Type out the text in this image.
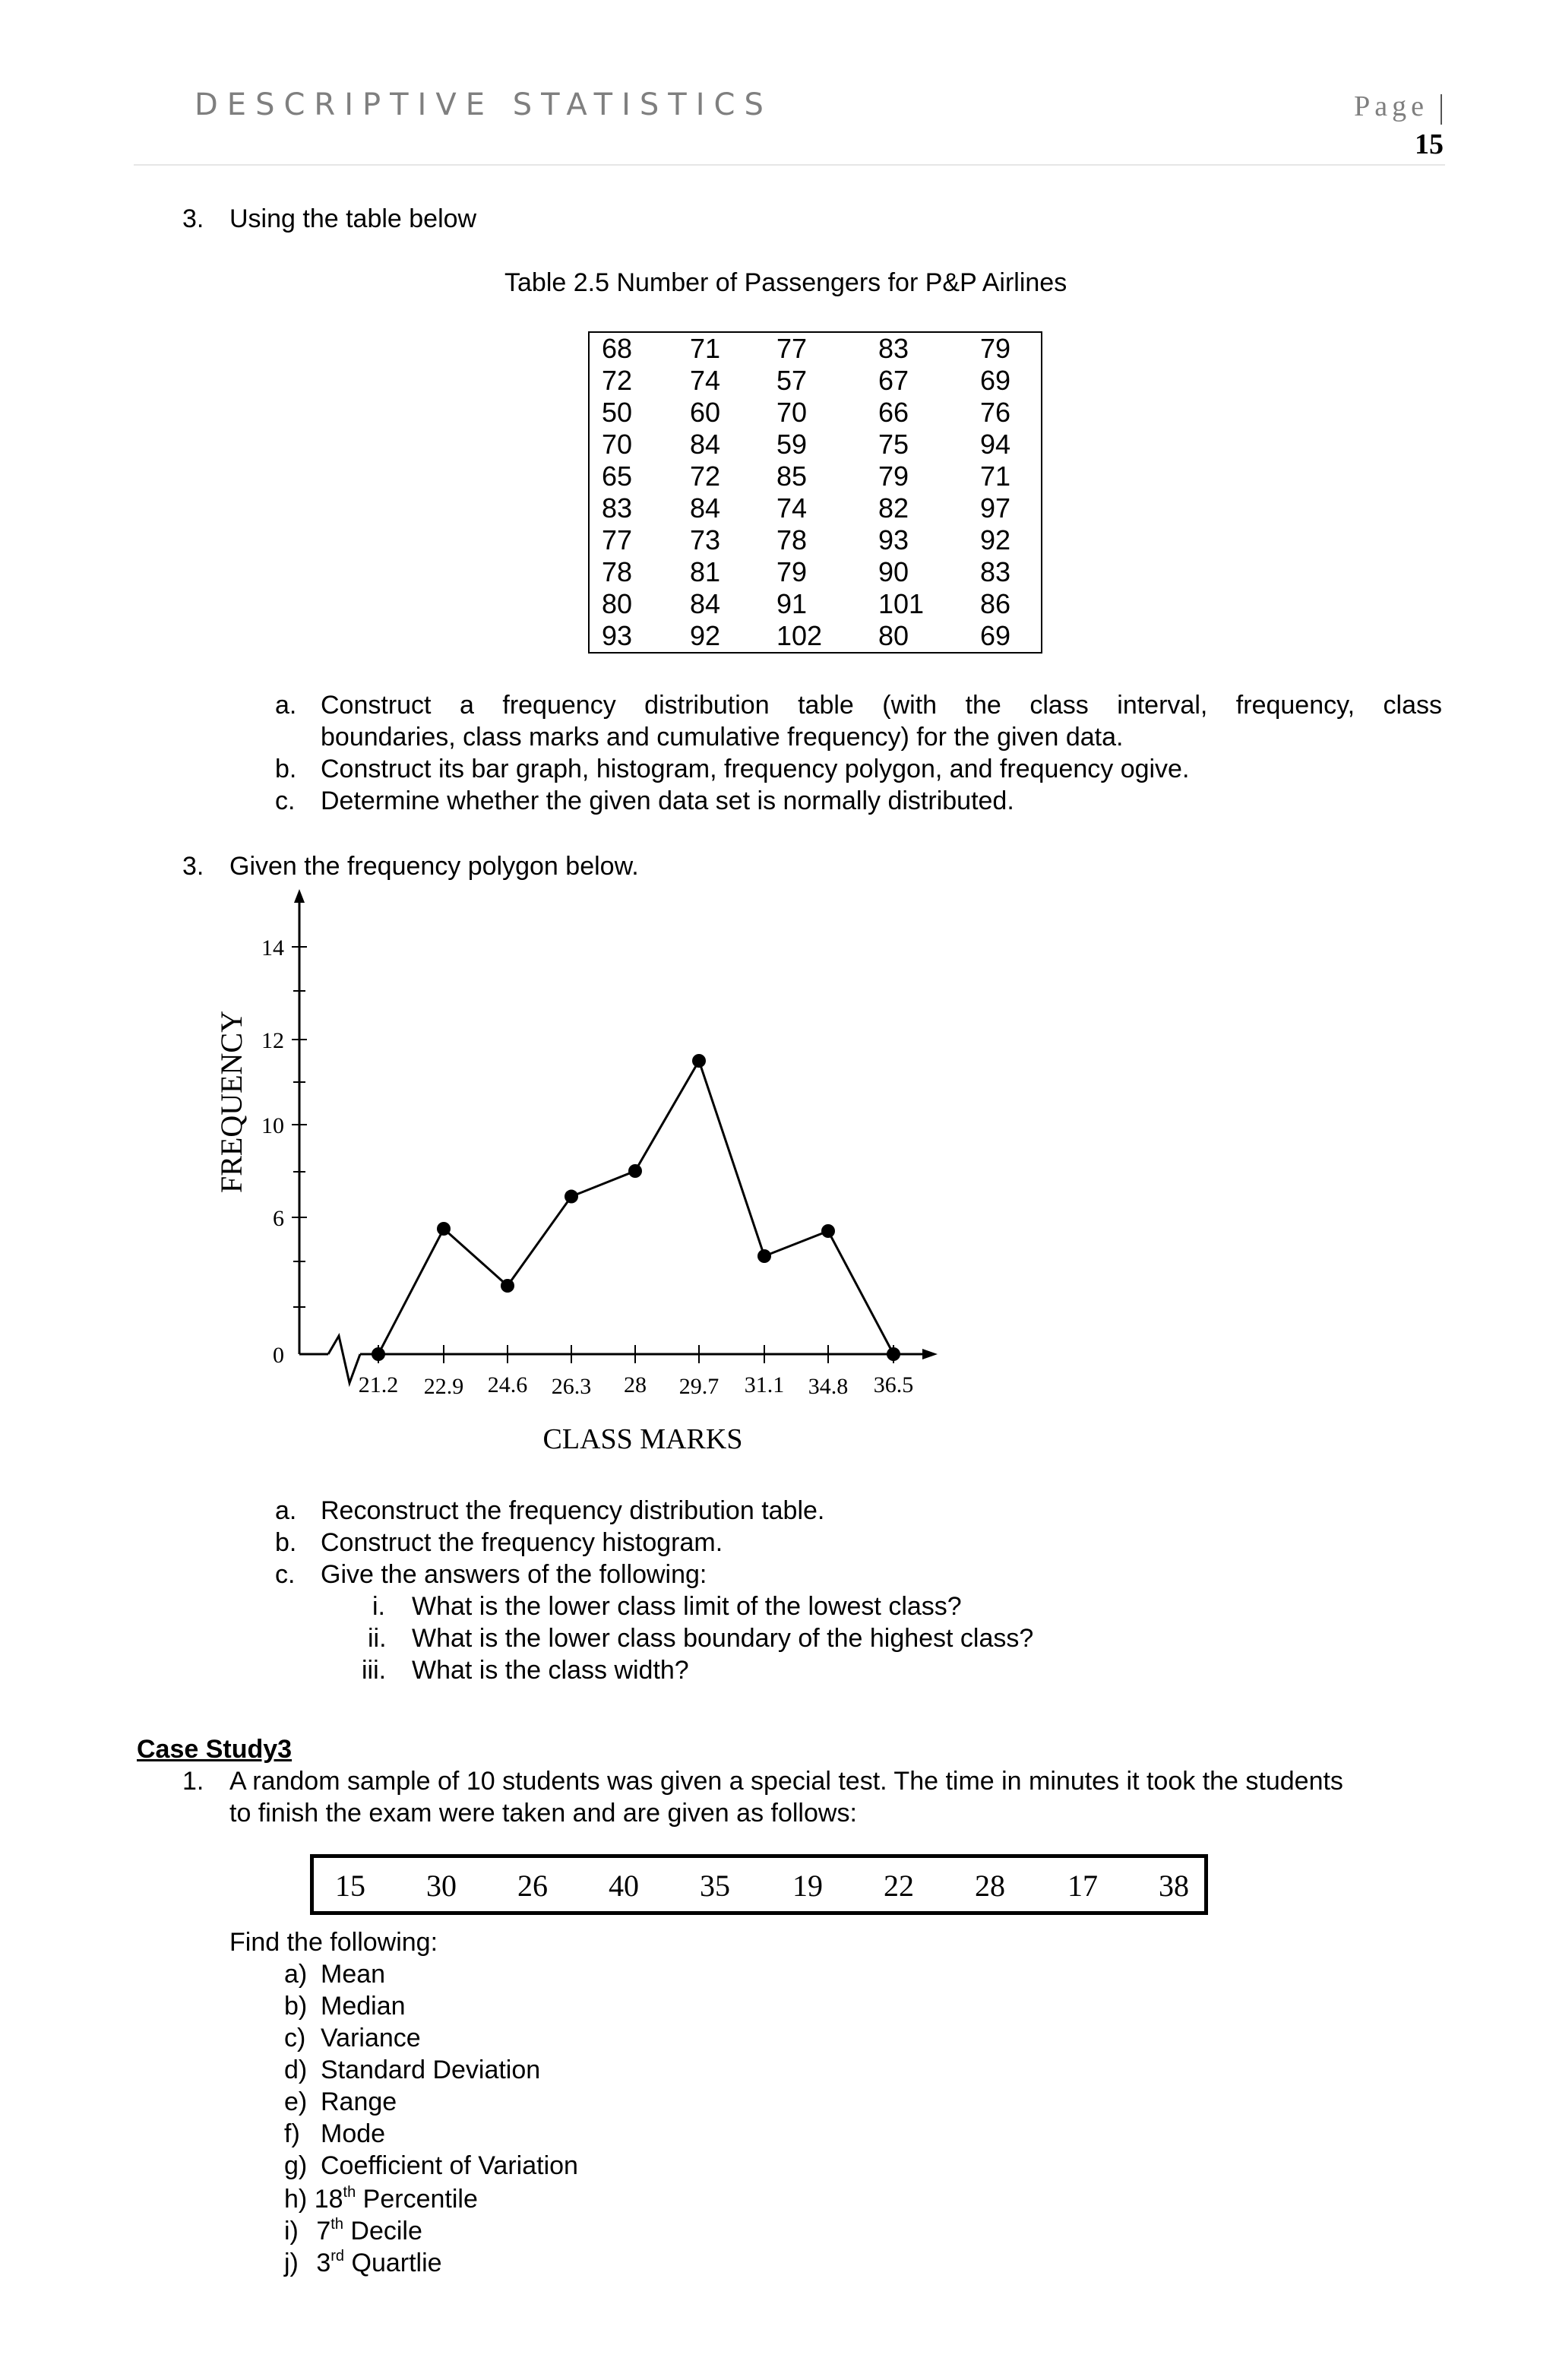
DESCRIPTIVE STATISTICS	Page
15
3. Using the table below
Table 2.5 Number of Passengers for P&P Airlines
68	71	77	83	79
72	74	57	67	69
50	60	70	66	76
70	84	59	75	94
65	72	85	79	71
83	84	74	82	97
77	73	78	93	92
78	81	79	90	83
80	84	91	101	86
93	92	102	80	69
a. Construct a frequency distribution table (with the class interval, frequency, class
boundaries, class marks and cumulative frequency) for the given data.
b. Construct its bar graph, histogram, frequency polygon, and frequency ogive.
c. Determine whether the given data set is normally distributed.
3. Given the frequency polygon below.
0
6
10
12
14
21.2 22.9 24.6 26.3 28 29.7 31.1 34.8 36.5
CLASS MARKS
FREQUENCY
a. Reconstruct the frequency distribution table.
b. Construct the frequency histogram.
c. Give the answers of the following:
i. What is the lower class limit of the lowest class?
ii. What is the lower class boundary of the highest class?
iii. What is the class width?
Case Study3
1. A random sample of 10 students was given a special test. The time in minutes it took the students
to finish the exam were taken and are given as follows:
15 30 26 40 35 19 22 28 17 38
Find the following:
a) Mean
b) Median
c) Variance
d) Standard Deviation
e) Range
f) Mode
g) Coefficient of Variation
h) 18th Percentile
i) 7th Decile
j) 3rd Quartlie
